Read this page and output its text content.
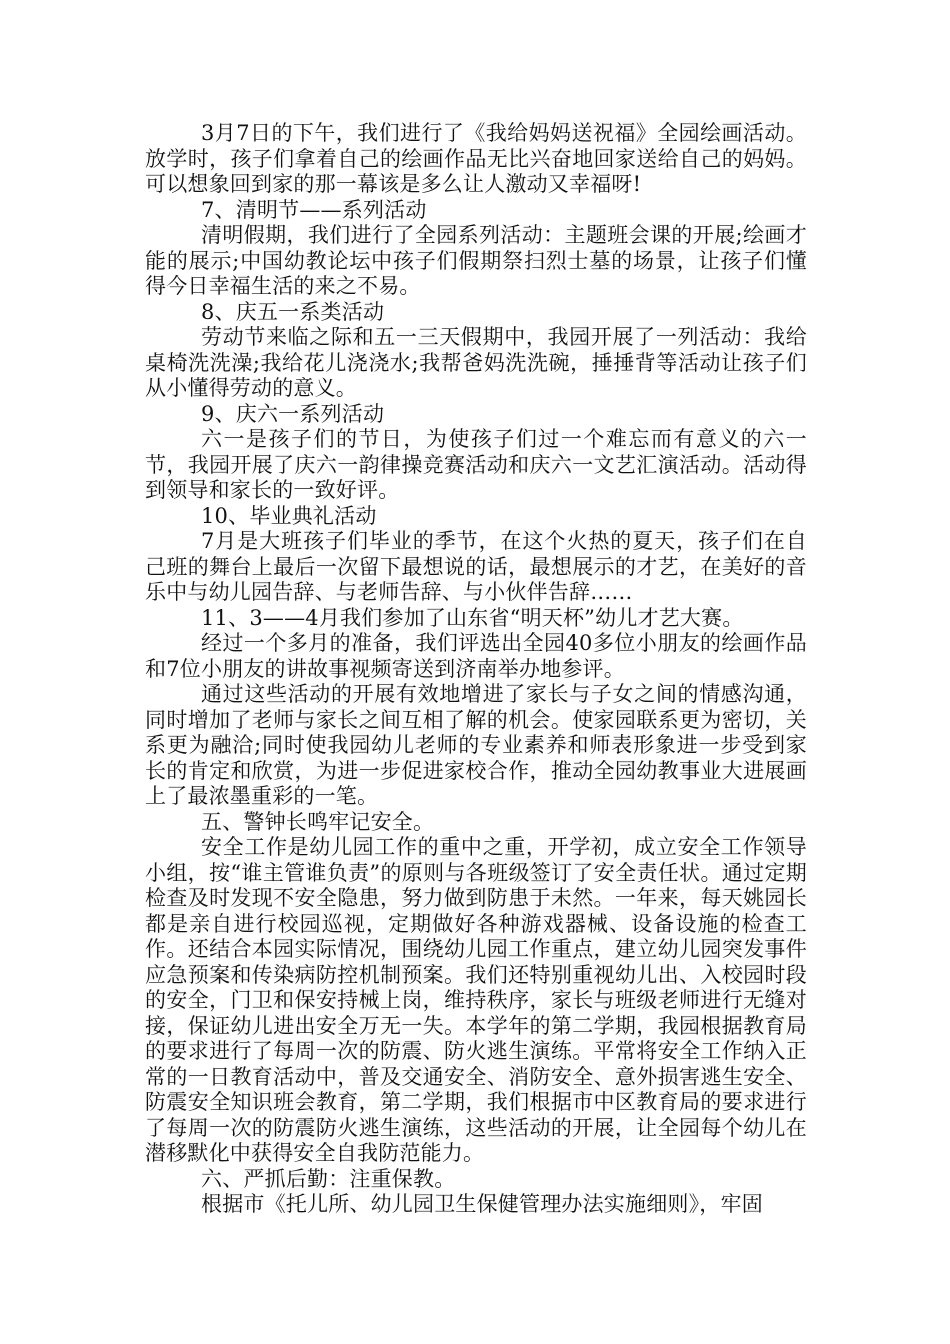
3月7日的下午，我们进行了《我给妈妈送祝福》全园绘画活动。放学时，孩子们拿着自己的绘画作品无比兴奋地回家送给自己的妈妈。可以想象回到家的那一幕该是多么让人激动又幸福呀!

7、清明节——系列活动

清明假期，我们进行了全园系列活动：主题班会课的开展;绘画才能的展示;中国幼教论坛中孩子们假期祭扫烈士墓的场景，让孩子们懂得今日幸福生活的来之不易。

8、庆五一系类活动

劳动节来临之际和五一三天假期中，我园开展了一列活动：我给桌椅洗洗澡;我给花儿浇浇水;我帮爸妈洗洗碗，捶捶背等活动让孩子们从小懂得劳动的意义。

9、庆六一系列活动

六一是孩子们的节日，为使孩子们过一个难忘而有意义的六一节，我园开展了庆六一韵律操竞赛活动和庆六一文艺汇演活动。活动得到领导和家长的一致好评。

10、毕业典礼活动

7月是大班孩子们毕业的季节，在这个火热的夏天，孩子们在自己班的舞台上最后一次留下最想说的话，最想展示的才艺，在美好的音乐中与幼儿园告辞、与老师告辞、与小伙伴告辞……

11、3——4月我们参加了山东省“明天杯”幼儿才艺大赛。

经过一个多月的准备，我们评选出全园40多位小朋友的绘画作品和7位小朋友的讲故事视频寄送到济南举办地参评。

通过这些活动的开展有效地增进了家长与子女之间的情感沟通，同时增加了老师与家长之间互相了解的机会。使家园联系更为密切，关系更为融洽;同时使我园幼儿老师的专业素养和师表形象进一步受到家长的肯定和欣赏，为进一步促进家校合作，推动全园幼教事业大进展画上了最浓墨重彩的一笔。

五、警钟长鸣牢记安全。

安全工作是幼儿园工作的重中之重，开学初，成立安全工作领导小组，按“谁主管谁负责”的原则与各班级签订了安全责任状。通过定期检查及时发现不安全隐患，努力做到防患于未然。一年来，每天姚园长都是亲自进行校园巡视，定期做好各种游戏器械、设备设施的检查工作。还结合本园实际情况，围绕幼儿园工作重点，建立幼儿园突发事件应急预案和传染病防控机制预案。我们还特别重视幼儿出、入校园时段的安全，门卫和保安持械上岗，维持秩序，家长与班级老师进行无缝对接，保证幼儿进出安全万无一失。本学年的第二学期，我园根据教育局的要求进行了每周一次的防震、防火逃生演练。平常将安全工作纳入正常的一日教育活动中，普及交通安全、消防安全、意外损害逃生安全、防震安全知识班会教育，第二学期，我们根据市中区教育局的要求进行了每周一次的防震防火逃生演练，这些活动的开展，让全园每个幼儿在潜移默化中获得安全自我防范能力。

六、严抓后勤：注重保教。

根据市《托儿所、幼儿园卫生保健管理办法实施细则》，牢固
